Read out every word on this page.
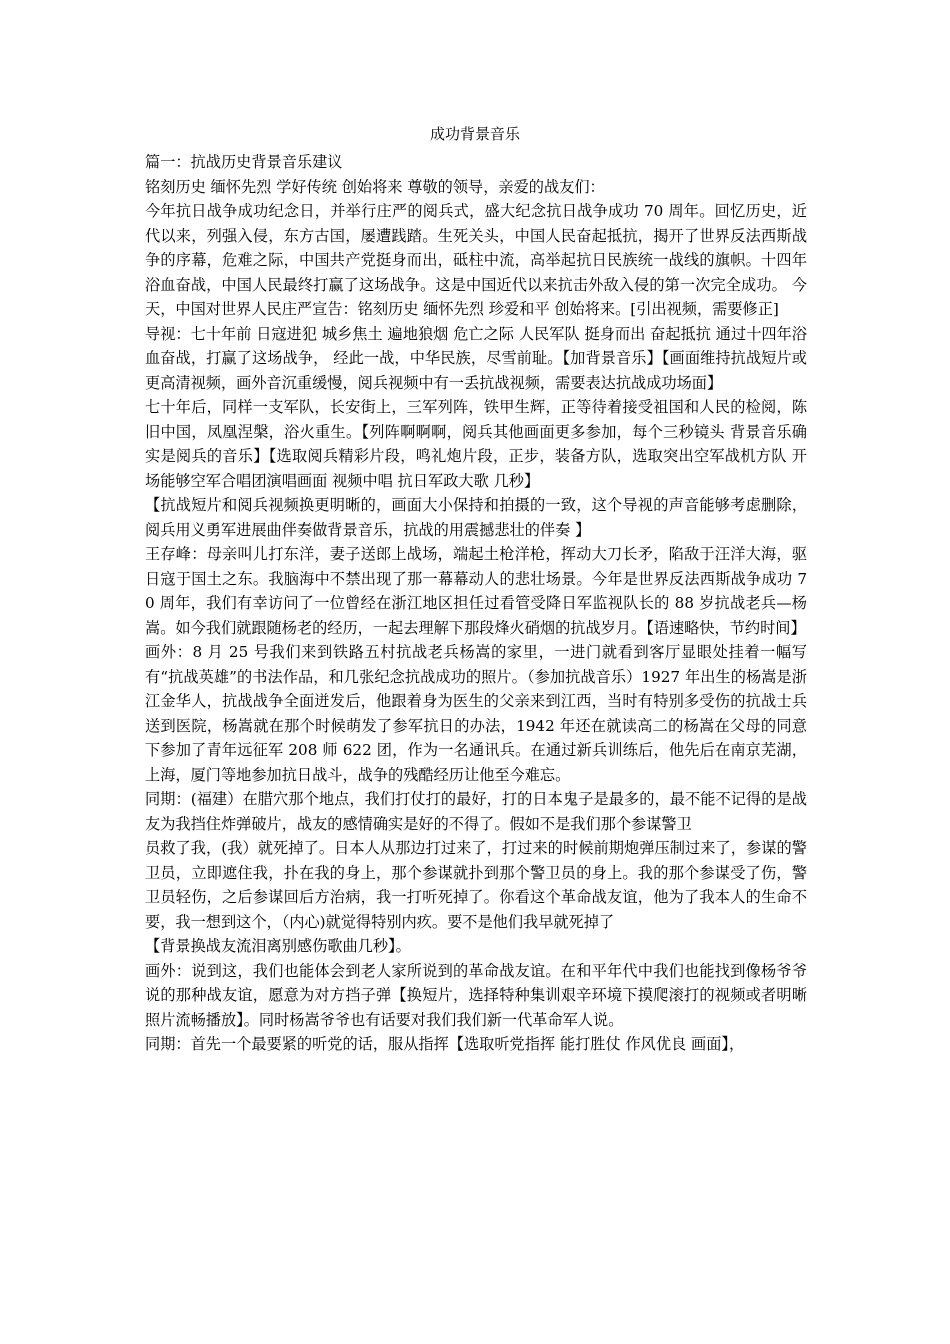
成功背景音乐

篇一：抗战历史背景音乐建议

铭刻历史 缅怀先烈 学好传统 创始将来 尊敬的领导，亲爱的战友们：

今年抗日战争成功纪念日，并举行庄严的阅兵式，盛大纪念抗日战争成功 70 周年。回忆历史，近代以来，列强入侵，东方古国，屡遭践踏。生死关头，中国人民奋起抵抗，揭开了世界反法西斯战争的序幕，危难之际，中国共产党挺身而出，砥柱中流，高举起抗日民族统一战线的旗帜。十四年浴血奋战，中国人民最终打赢了这场战争。这是中国近代以来抗击外敌入侵的第一次完全成功。 今天，中国对世界人民庄严宣告：铭刻历史 缅怀先烈 珍爱和平 创始将来。[引出视频，需要修正]

导视：七十年前 日寇进犯 城乡焦土 遍地狼烟 危亡之际 人民军队 挺身而出 奋起抵抗 通过十四年浴血奋战，打赢了这场战争， 经此一战，中华民族，尽雪前耻。【加背景音乐】【画面维持抗战短片或更高清视频，画外音沉重缓慢，阅兵视频中有一丢抗战视频，需要表达抗战成功场面】

七十年后，同样一支军队，长安街上，三军列阵，铁甲生辉，正等待着接受祖国和人民的检阅，陈旧中国，凤凰涅槃，浴火重生。【列阵啊啊啊，阅兵其他画面更多参加，每个三秒镜头 背景音乐确实是阅兵的音乐】【选取阅兵精彩片段，鸣礼炮片段，正步，装备方队，选取突出空军战机方队 开场能够空军合唱团演唱画面 视频中唱 抗日军政大歌 几秒】

【抗战短片和阅兵视频换更明晰的，画面大小保持和拍摄的一致，这个导视的声音能够考虑删除，阅兵用义勇军进展曲伴奏做背景音乐，抗战的用震撼悲壮的伴奏 】

王存峰：母亲叫儿打东洋，妻子送郎上战场，端起土枪洋枪，挥动大刀长矛，陷敌于汪洋大海，驱日寇于国土之东。我脑海中不禁出现了那一幕幕动人的悲壮场景。今年是世界反法西斯战争成功 70 周年，我们有幸访问了一位曾经在浙江地区担任过看管受降日军监视队长的 88 岁抗战老兵—杨嵩。如今我们就跟随杨老的经历，一起去理解下那段烽火硝烟的抗战岁月。【语速略快，节约时间】

画外：8 月 25 号我们来到铁路五村抗战老兵杨嵩的家里，一进门就看到客厅显眼处挂着一幅写有“抗战英雄”的书法作品，和几张纪念抗战成功的照片。（参加抗战音乐）1927 年出生的杨嵩是浙江金华人，抗战战争全面迸发后，他跟着身为医生的父亲来到江西，当时有特别多受伤的抗战士兵送到医院，杨嵩就在那个时候萌发了参军抗日的办法，1942 年还在就读高二的杨嵩在父母的同意下参加了青年远征军 208 师 622 团，作为一名通讯兵。在通过新兵训练后，他先后在南京芜湖，上海，厦门等地参加抗日战斗，战争的残酷经历让他至今难忘。

同期：(福建）在腊穴那个地点，我们打仗打的最好，打的日本鬼子是最多的，最不能不记得的是战友为我挡住炸弹破片，战友的感情确实是好的不得了。假如不是我们那个参谋警卫

员救了我，(我）就死掉了。日本人从那边打过来了，打过来的时候前期炮弹压制过来了，参谋的警卫员，立即遮住我，扑在我的身上，那个参谋就扑到那个警卫员的身上。我的那个参谋受了伤，警卫员轻伤，之后参谋回后方治病，我一打听死掉了。你看这个革命战友谊，他为了我本人的生命不要，我一想到这个，（内心)就觉得特别内疚。要不是他们我早就死掉了

【背景换战友流泪离别感伤歌曲几秒】。

画外：说到这，我们也能体会到老人家所说到的革命战友谊。在和平年代中我们也能找到像杨爷爷说的那种战友谊，愿意为对方挡子弹【换短片，选择特种集训艰辛环境下摸爬滚打的视频或者明晰照片流畅播放】。同时杨嵩爷爷也有话要对我们我们新一代革命军人说。

同期：首先一个最要紧的听党的话，服从指挥【选取听党指挥 能打胜仗 作风优良 画面】，
